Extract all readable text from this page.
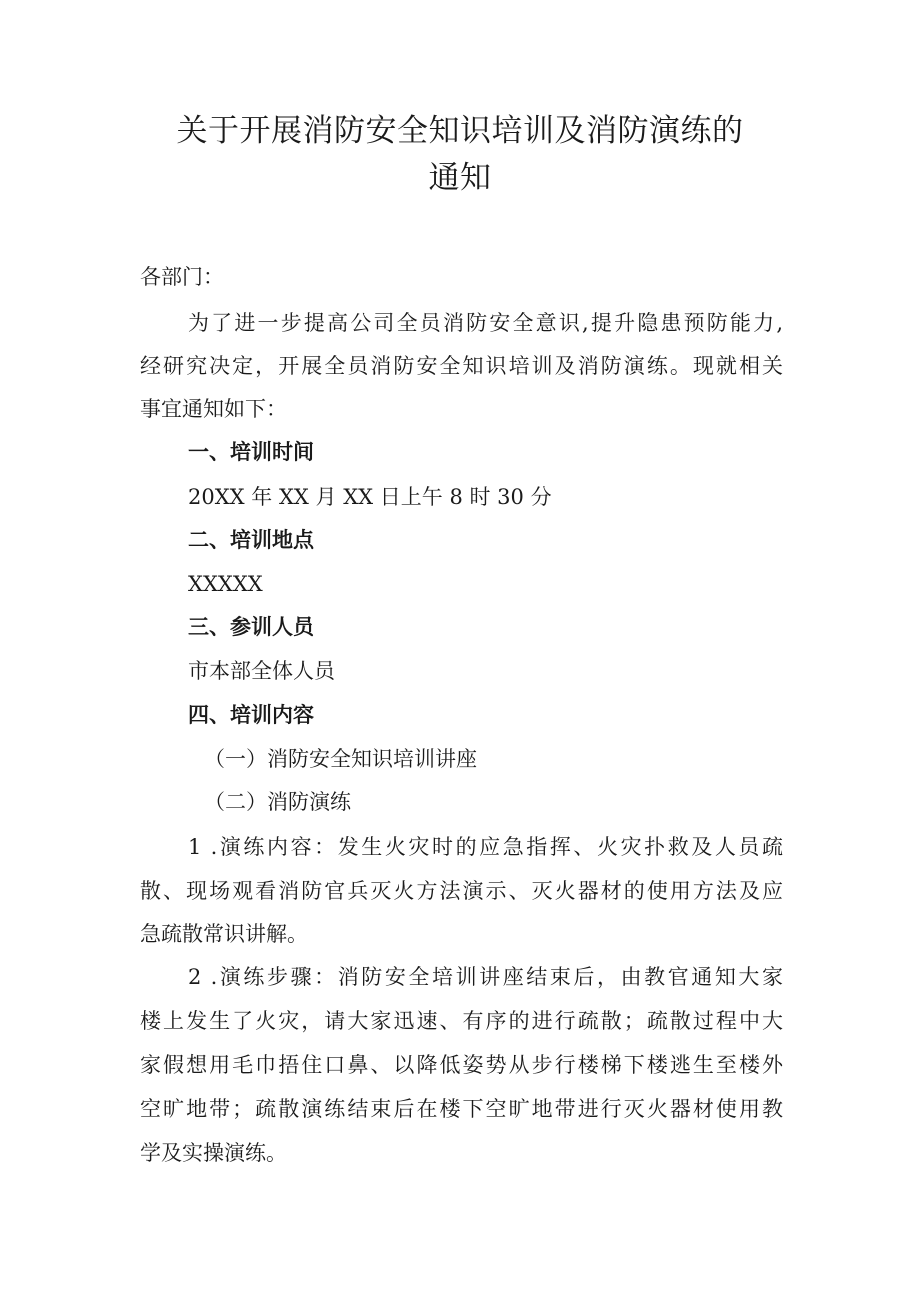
关于开展消防安全知识培训及消防演练的
通知
各部门：
为了进一步提高公司全员消防安全意识,提升隐患预防能力,
经研究决定，开展全员消防安全知识培训及消防演练。现就相关
事宜通知如下：
一、培训时间
20XX 年 XX 月 XX 日上午 8 时 30 分
二、培训地点
XXXXX
三、参训人员
市本部全体人员
四、培训内容
（一）消防安全知识培训讲座
（二）消防演练
1 .演练内容：发生火灾时的应急指挥、火灾扑救及人员疏
散、现场观看消防官兵灭火方法演示、灭火器材的使用方法及应
急疏散常识讲解。
2 .演练步骤：消防安全培训讲座结束后，由教官通知大家
楼上发生了火灾，请大家迅速、有序的进行疏散；疏散过程中大
家假想用毛巾捂住口鼻、以降低姿势从步行楼梯下楼逃生至楼外
空旷地带；疏散演练结束后在楼下空旷地带进行灭火器材使用教
学及实操演练。
